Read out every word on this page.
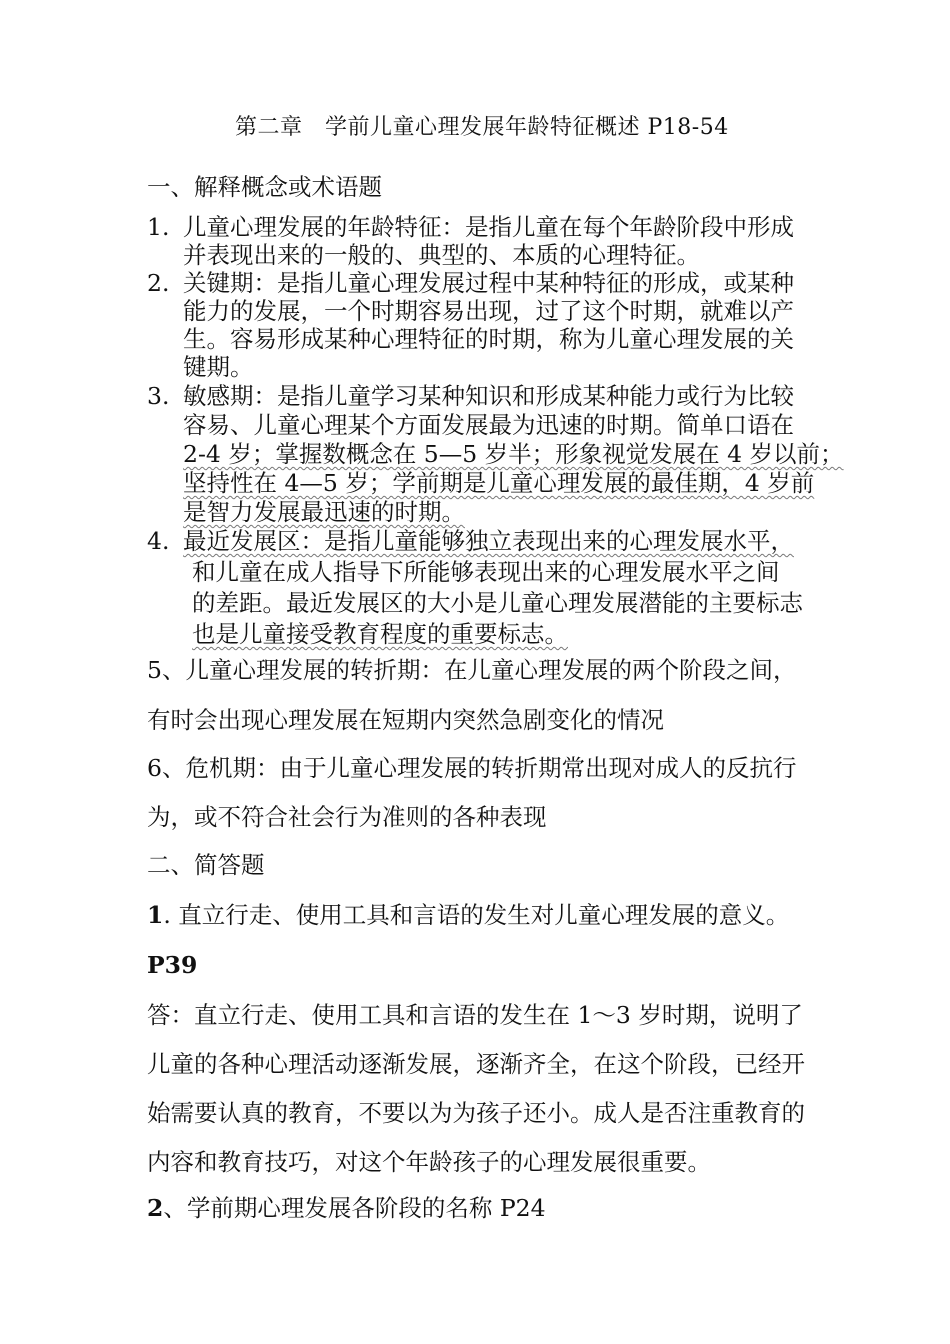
第二章　学前儿童心理发展年龄特征概述 P18-54
一、解释概念或术语题
1. 儿童心理发展的年龄特征：是指儿童在每个年龄阶段中形成
并表现出来的一般的、典型的、本质的心理特征。
2. 关键期：是指儿童心理发展过程中某种特征的形成，或某种
能力的发展，一个时期容易出现，过了这个时期，就难以产
生。容易形成某种心理特征的时期，称为儿童心理发展的关
键期。
3. 敏感期：是指儿童学习某种知识和形成某种能力或行为比较
容易、儿童心理某个方面发展最为迅速的时期。简单口语在
2-4 岁；掌握数概念在 5—5 岁半；形象视觉发展在 4 岁以前；
坚持性在 4—5 岁；学前期是儿童心理发展的最佳期，4 岁前
是智力发展最迅速的时期。
4. 最近发展区：是指儿童能够独立表现出来的心理发展水平，
和儿童在成人指导下所能够表现出来的心理发展水平之间
的差距。最近发展区的大小是儿童心理发展潜能的主要标志
也是儿童接受教育程度的重要标志。
5、儿童心理发展的转折期：在儿童心理发展的两个阶段之间，
有时会出现心理发展在短期内突然急剧变化的情况
6、危机期：由于儿童心理发展的转折期常出现对成人的反抗行
为，或不符合社会行为准则的各种表现
二、简答题
1. 直立行走、使用工具和言语的发生对儿童心理发展的意义。
P39
答：直立行走、使用工具和言语的发生在 1～3 岁时期，说明了
儿童的各种心理活动逐渐发展，逐渐齐全，在这个阶段，已经开
始需要认真的教育，不要以为为孩子还小。成人是否注重教育的
内容和教育技巧，对这个年龄孩子的心理发展很重要。
2、学前期心理发展各阶段的名称 P24
